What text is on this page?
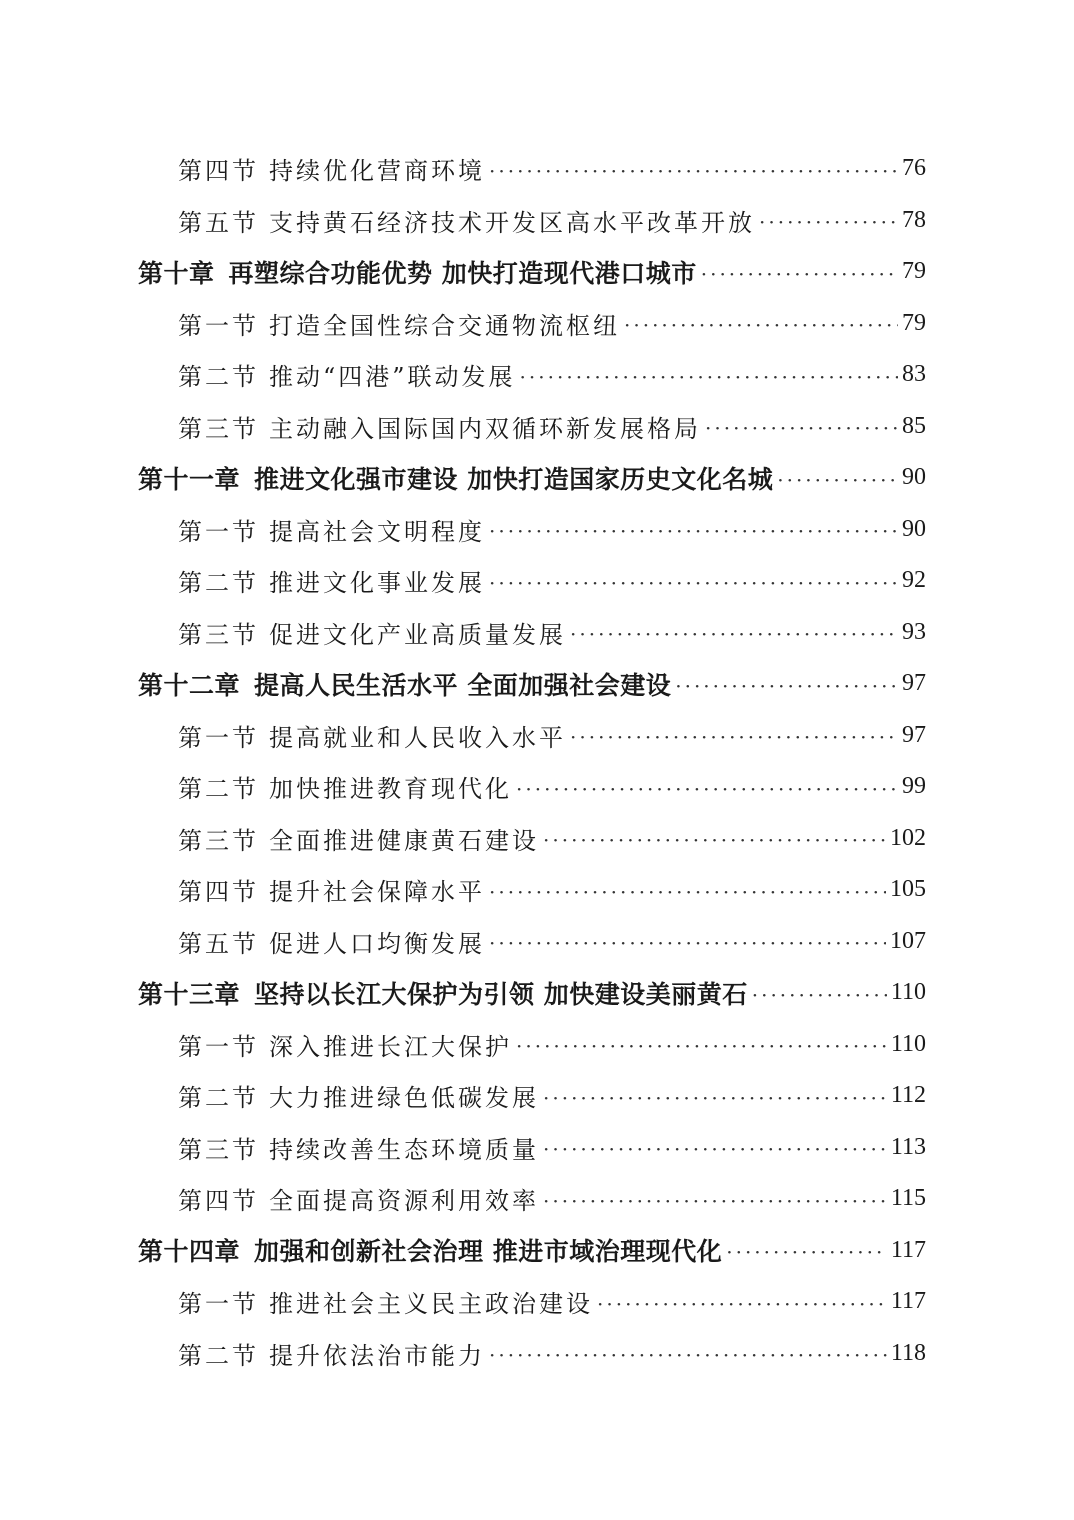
第四节 持续优化营商环境 ·····	76
第五节 支持黄石经济技术开发区高水平改革开放 ·····	78
第十章 再塑综合功能优势 加快打造现代港口城市 ·····	79
第一节 打造全国性综合交通物流枢纽 ·····	79
第二节 推动“四港”联动发展 ·····	83
第三节 主动融入国际国内双循环新发展格局 ·····	85
第十一章 推进文化强市建设 加快打造国家历史文化名城 ·····	90
第一节 提高社会文明程度 ·····	90
第二节 推进文化事业发展 ·····	92
第三节 促进文化产业高质量发展 ·····	93
第十二章 提高人民生活水平 全面加强社会建设 ·····	97
第一节 提高就业和人民收入水平 ·····	97
第二节 加快推进教育现代化 ·····	99
第三节 全面推进健康黄石建设 ·····	102
第四节 提升社会保障水平 ·····	105
第五节 促进人口均衡发展 ·····	107
第十三章 坚持以长江大保护为引领 加快建设美丽黄石 ·····	110
第一节 深入推进长江大保护 ·····	110
第二节 大力推进绿色低碳发展 ·····	112
第三节 持续改善生态环境质量 ·····	113
第四节 全面提高资源利用效率 ·····	115
第十四章 加强和创新社会治理 推进市域治理现代化 ·····	117
第一节 推进社会主义民主政治建设 ·····	117
第二节 提升依法治市能力 ·····	118
